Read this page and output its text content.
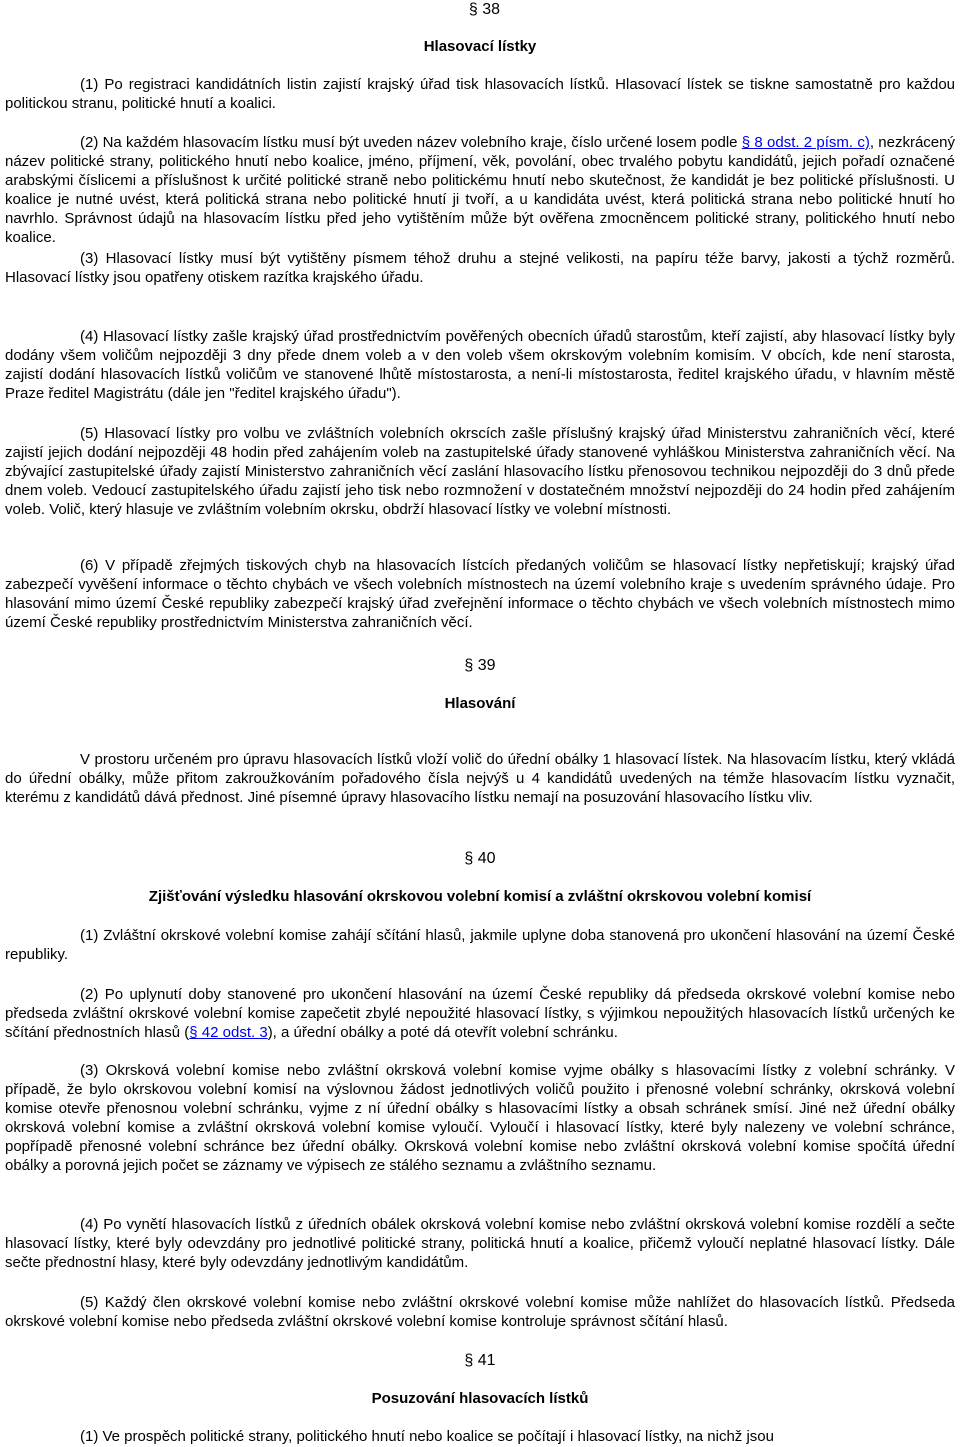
§ 38
Hlasovací lístky

(1) Po registraci kandidátních listin zajistí krajský úřad tisk hlasovacích lístků. Hlasovací lístek se tiskne samostatně pro každou politickou stranu, politické hnutí a koalici.

(2) Na každém hlasovacím lístku musí být uveden název volebního kraje, číslo určené losem podle § 8 odst. 2 písm. c), nezkrácený název politické strany, politického hnutí nebo koalice, jméno, příjmení, věk, povolání, obec trvalého pobytu kandidátů, jejich pořadí označené arabskými číslicemi a příslušnost k určité politické straně nebo politickému hnutí nebo skutečnost, že kandidát je bez politické příslušnosti. U koalice je nutné uvést, která politická strana nebo politické hnutí ji tvoří, a u kandidáta uvést, která politická strana nebo politické hnutí ho navrhlo. Správnost údajů na hlasovacím lístku před jeho vytištěním může být ověřena zmocněncem politické strany, politického hnutí nebo koalice.

(3) Hlasovací lístky musí být vytištěny písmem téhož druhu a stejné velikosti, na papíru téže barvy, jakosti a týchž rozměrů. Hlasovací lístky jsou opatřeny otiskem razítka krajského úřadu.

(4) Hlasovací lístky zašle krajský úřad prostřednictvím pověřených obecních úřadů starostům, kteří zajistí, aby hlasovací lístky byly dodány všem voličům nejpozději 3 dny přede dnem voleb a v den voleb všem okrskovým volebním komisím. V obcích, kde není starosta, zajistí dodání hlasovacích lístků voličům ve stanovené lhůtě místostarosta, a není-li místostarosta, ředitel krajského úřadu, v hlavním městě Praze ředitel Magistrátu (dále jen "ředitel krajského úřadu").

(5) Hlasovací lístky pro volbu ve zvláštních volebních okrscích zašle příslušný krajský úřad Ministerstvu zahraničních věcí, které zajistí jejich dodání nejpozději 48 hodin před zahájením voleb na zastupitelské úřady stanovené vyhláškou Ministerstva zahraničních věcí. Na zbývající zastupitelské úřady zajistí Ministerstvo zahraničních věcí zaslání hlasovacího lístku přenosovou technikou nejpozději do 3 dnů přede dnem voleb. Vedoucí zastupitelského úřadu zajistí jeho tisk nebo rozmnožení v dostatečném množství nejpozději do 24 hodin před zahájením voleb. Volič, který hlasuje ve zvláštním volebním okrsku, obdrží hlasovací lístky ve volební místnosti.

(6) V případě zřejmých tiskových chyb na hlasovacích lístcích předaných voličům se hlasovací lístky nepřetiskují; krajský úřad zabezpečí vyvěšení informace o těchto chybách ve všech volebních místnostech na území volebního kraje s uvedením správného údaje. Pro hlasování mimo území České republiky zabezpečí krajský úřad zveřejnění informace o těchto chybách ve všech volebních místnostech mimo území České republiky prostřednictvím Ministerstva zahraničních věcí.

§ 39
Hlasování

V prostoru určeném pro úpravu hlasovacích lístků vloží volič do úřední obálky 1 hlasovací lístek. Na hlasovacím lístku, který vkládá do úřední obálky, může přitom zakroužkováním pořadového čísla nejvýš u 4 kandidátů uvedených na témže hlasovacím lístku vyznačit, kterému z kandidátů dává přednost. Jiné písemné úpravy hlasovacího lístku nemají na posuzování hlasovacího lístku vliv.

§ 40
Zjišťování výsledku hlasování okrskovou volební komisí a zvláštní okrskovou volební komisí

(1) Zvláštní okrskové volební komise zahájí sčítání hlasů, jakmile uplyne doba stanovená pro ukončení hlasování na území České republiky.

(2) Po uplynutí doby stanovené pro ukončení hlasování na území České republiky dá předseda okrskové volební komise nebo předseda zvláštní okrskové volební komise zapečetit zbylé nepoužité hlasovací lístky, s výjimkou nepoužitých hlasovacích lístků určených ke sčítání přednostních hlasů (§ 42 odst. 3), a úřední obálky a poté dá otevřít volební schránku.

(3) Okrsková volební komise nebo zvláštní okrsková volební komise vyjme obálky s hlasovacími lístky z volební schránky. V případě, že bylo okrskovou volební komisí na výslovnou žádost jednotlivých voličů použito i přenosné volební schránky, okrsková volební komise otevře přenosnou volební schránku, vyjme z ní úřední obálky s hlasovacími lístky a obsah schránek smísí. Jiné než úřední obálky okrsková volební komise a zvláštní okrsková volební komise vyloučí. Vyloučí i hlasovací lístky, které byly nalezeny ve volební schránce, popřípadě přenosné volební schránce bez úřední obálky. Okrsková volební komise nebo zvláštní okrsková volební komise spočítá úřední obálky a porovná jejich počet se záznamy ve výpisech ze stálého seznamu a zvláštního seznamu.

(4) Po vynětí hlasovacích lístků z úředních obálek okrsková volební komise nebo zvláštní okrsková volební komise rozdělí a sečte hlasovací lístky, které byly odevzdány pro jednotlivé politické strany, politická hnutí a koalice, přičemž vyloučí neplatné hlasovací lístky. Dále sečte přednostní hlasy, které byly odevzdány jednotlivým kandidátům.

(5) Každý člen okrskové volební komise nebo zvláštní okrskové volební komise může nahlížet do hlasovacích lístků. Předseda okrskové volební komise nebo předseda zvláštní okrskové volební komise kontroluje správnost sčítání hlasů.

§ 41
Posuzování hlasovacích lístků

(1) Ve prospěch politické strany, politického hnutí nebo koalice se počítají i hlasovací lístky, na nichž jsou
